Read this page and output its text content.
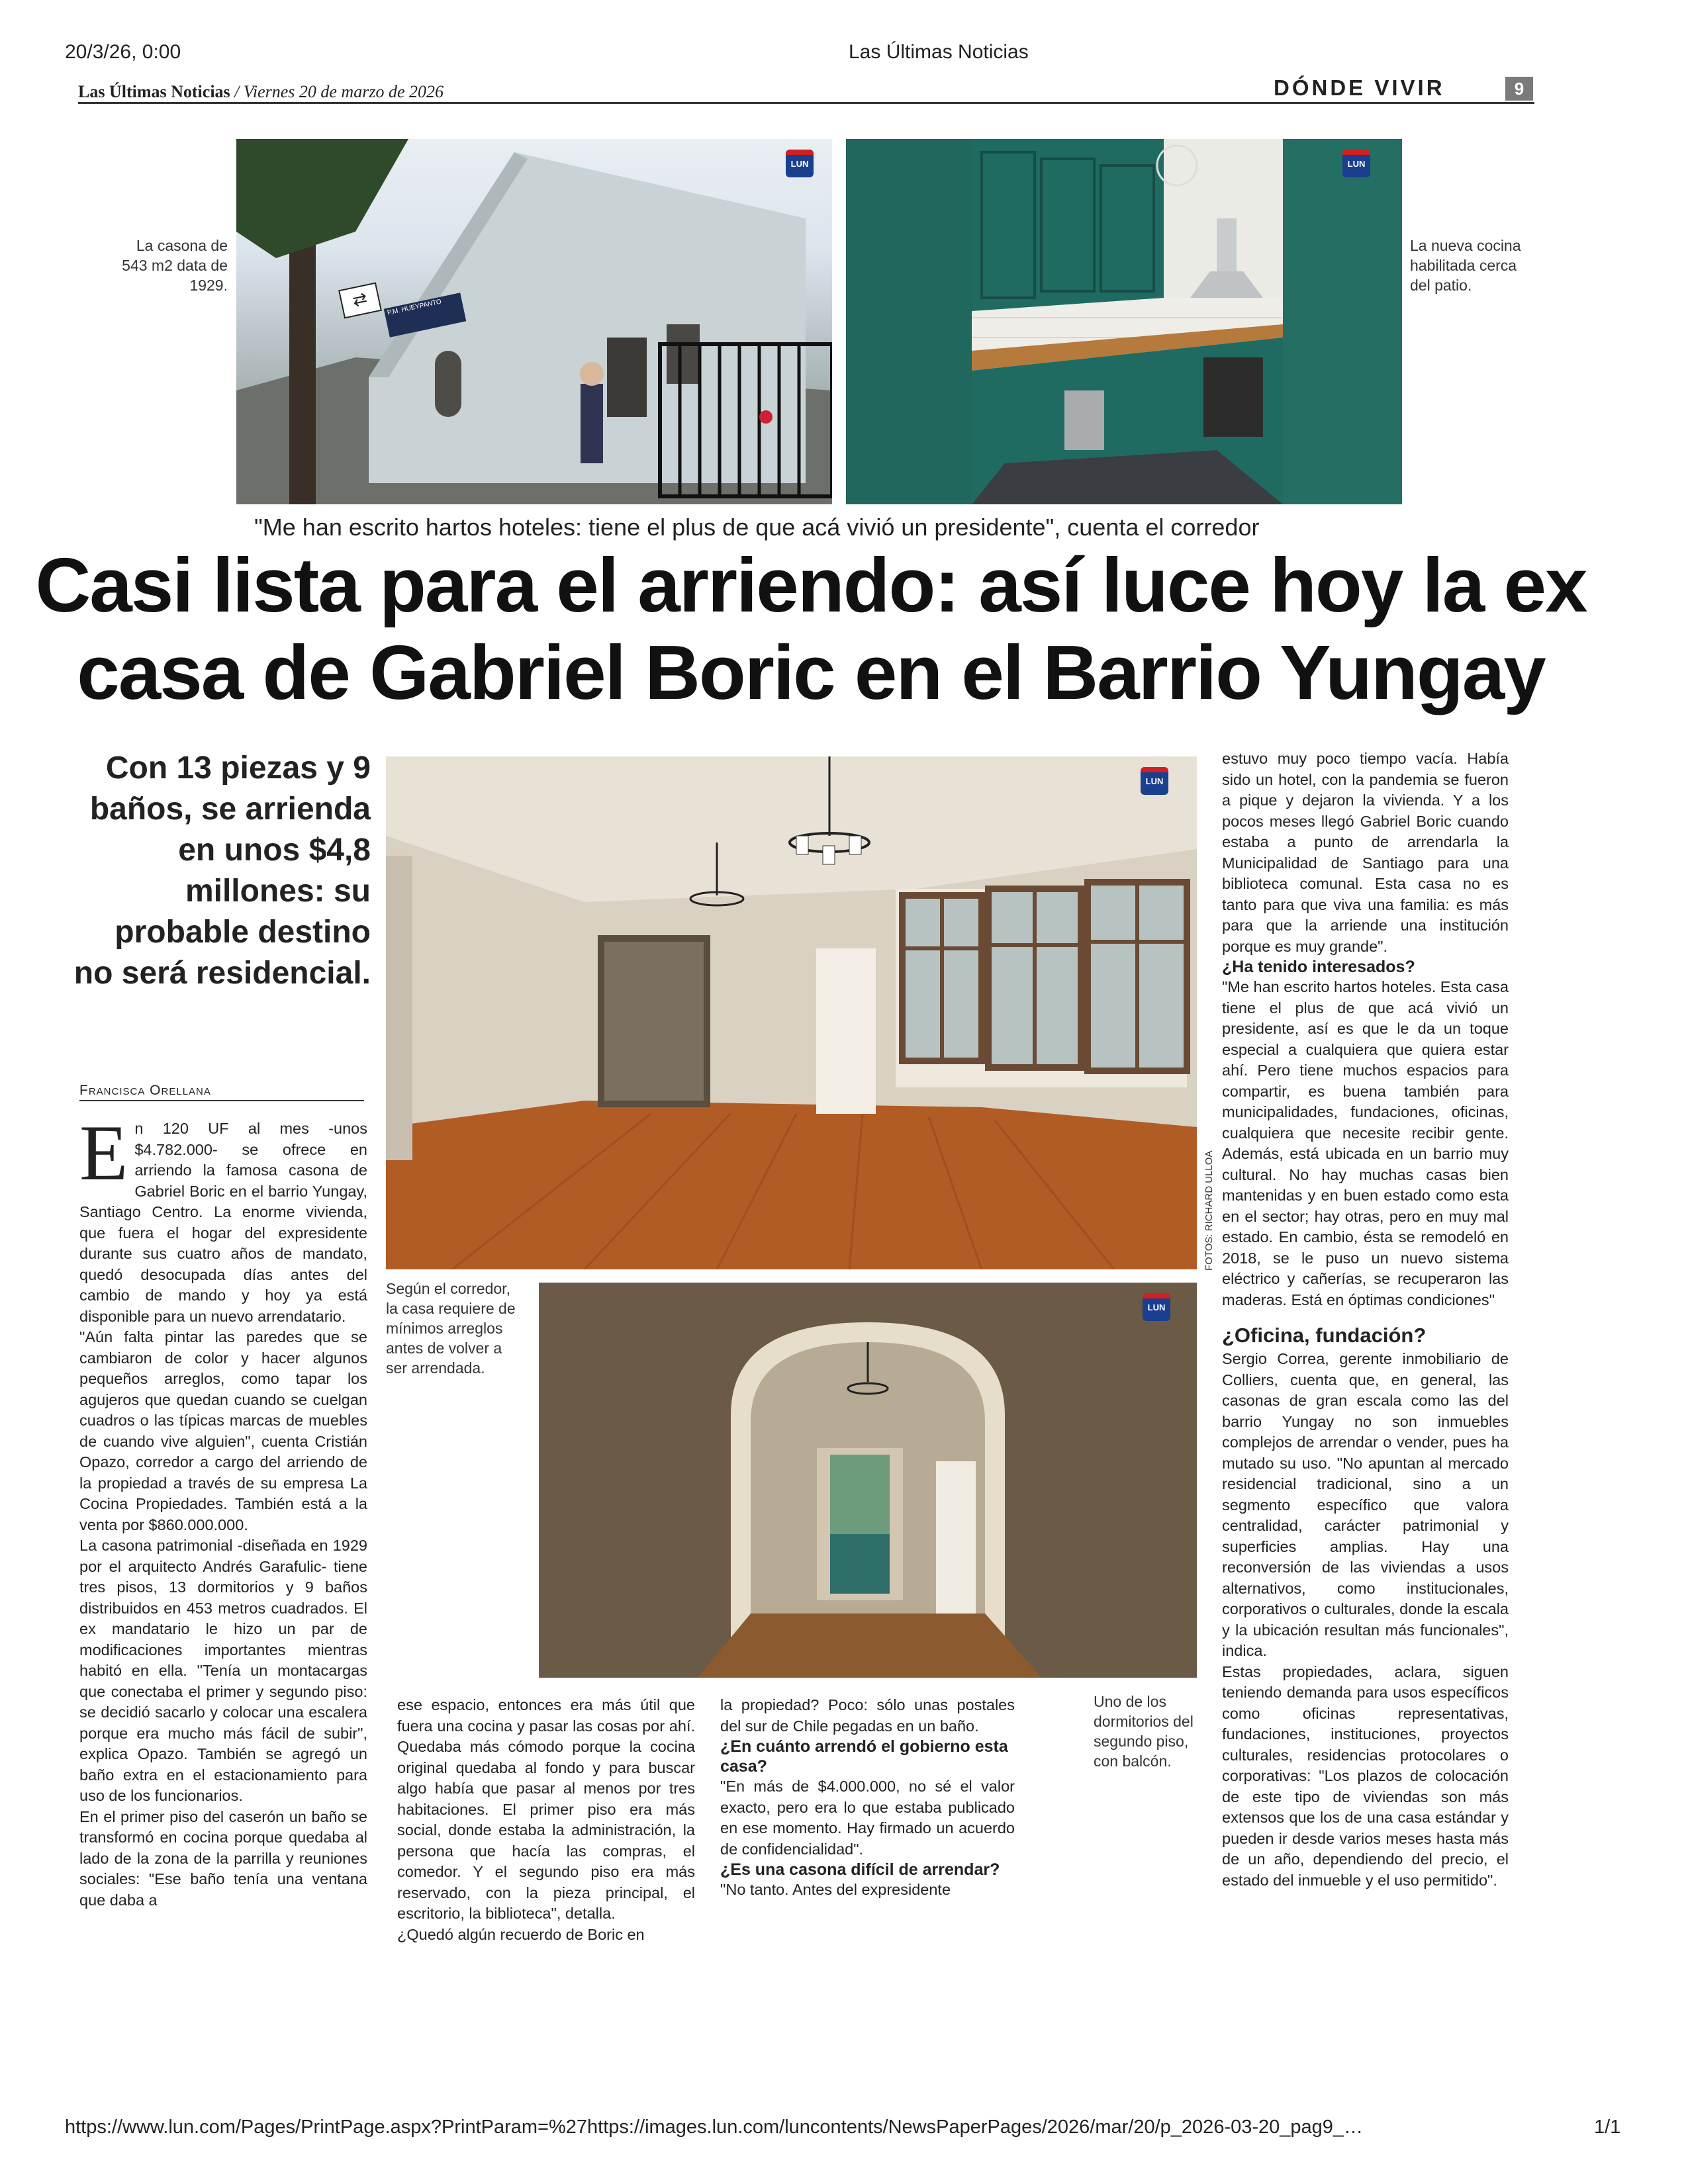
20/3/26, 0:00	Las Últimas Noticias
https://www.lun.com/Pages/PrintPage.aspx?PrintParam=%27https://images.lun.com/luncontents/NewsPaperPages/2026/mar/20/p_2026-03-20_pag9_…	1/1
Las Últimas Noticias / Viernes 20 de marzo de 2026	DÓNDE VIVIR	9
La casona de 543 m2 data de 1929.
⇄	P.M. HUEYPANTO
LUN	LUN
La nueva cocina habilitada cerca del patio.
"Me han escrito hartos hoteles: tiene el plus de que acá vivió un presidente", cuenta el corredor
Casi lista para el arriendo: así luce hoy la ex
casa de Gabriel Boric en el Barrio Yungay
Con 13 piezas y 9 baños, se arrienda en unos $4,8 millones: su probable destino no será residencial.
Francisca Orellana
LUN
FOTOS: RICHARD ULLOA
Según el corredor, la casa requiere de mínimos arreglos antes de volver a ser arrendada.
LUN
Uno de los dormitorios del segundo piso, con balcón.
En 120 UF al mes -unos $4.782.000- se ofrece en arriendo la famosa casona de Gabriel Boric en el barrio Yungay, Santiago Centro. La enorme vivienda, que fuera el hogar del expresidente durante sus cuatro años de mandato, quedó desocupada días antes del cambio de mando y hoy ya está disponible para un nuevo arrendatario.
"Aún falta pintar las paredes que se cambiaron de color y hacer algunos pequeños arreglos, como tapar los agujeros que quedan cuando se cuelgan cuadros o las típicas marcas de muebles de cuando vive alguien", cuenta Cristián Opazo, corredor a cargo del arriendo de la propiedad a través de su empresa La Cocina Propiedades. También está a la venta por $860.000.000.
La casona patrimonial -diseñada en 1929 por el arquitecto Andrés Garafulic- tiene tres pisos, 13 dormitorios y 9 baños distribuidos en 453 metros cuadrados. El ex mandatario le hizo un par de modificaciones importantes mientras habitó en ella. "Tenía un montacargas que conectaba el primer y segundo piso: se decidió sacarlo y colocar una escalera porque era mucho más fácil de subir", explica Opazo. También se agregó un baño extra en el estacionamiento para uso de los funcionarios.
En el primer piso del caserón un baño se transformó en cocina porque quedaba al lado de la zona de la parrilla y reuniones sociales: "Ese baño tenía una ventana que daba a
ese espacio, entonces era más útil que fuera una cocina y pasar las cosas por ahí. Quedaba más cómodo porque la cocina original quedaba al fondo y para buscar algo había que pasar al menos por tres habitaciones. El primer piso era más social, donde estaba la administración, la persona que hacía las compras, el comedor. Y el segundo piso era más reservado, con la pieza principal, el escritorio, la biblioteca", detalla.
¿Quedó algún recuerdo de Boric en
la propiedad? Poco: sólo unas postales del sur de Chile pegadas en un baño.
¿En cuánto arrendó el gobierno esta casa?
"En más de $4.000.000, no sé el valor exacto, pero era lo que estaba publicado en ese momento. Hay firmado un acuerdo de confidencialidad".
¿Es una casona difícil de arrendar?
"No tanto. Antes del expresidente
estuvo muy poco tiempo vacía. Había sido un hotel, con la pandemia se fueron a pique y dejaron la vivienda. Y a los pocos meses llegó Gabriel Boric cuando estaba a punto de arrendarla la Municipalidad de Santiago para una biblioteca comunal. Esta casa no es tanto para que viva una familia: es más para que la arriende una institución porque es muy grande".
¿Ha tenido interesados?
"Me han escrito hartos hoteles. Esta casa tiene el plus de que acá vivió un presidente, así es que le da un toque especial a cualquiera que quiera estar ahí. Pero tiene muchos espacios para compartir, es buena también para municipalidades, fundaciones, oficinas, cualquiera que necesite recibir gente. Además, está ubicada en un barrio muy cultural. No hay muchas casas bien mantenidas y en buen estado como esta en el sector; hay otras, pero en muy mal estado. En cambio, ésta se remodeló en 2018, se le puso un nuevo sistema eléctrico y cañerías, se recuperaron las maderas. Está en óptimas condiciones"
¿Oficina, fundación?
Sergio Correa, gerente inmobiliario de Colliers, cuenta que, en general, las casonas de gran escala como las del barrio Yungay no son inmuebles complejos de arrendar o vender, pues ha mutado su uso. "No apuntan al mercado residencial tradicional, sino a un segmento específico que valora centralidad, carácter patrimonial y superficies amplias. Hay una reconversión de las viviendas a usos alternativos, como institucionales, corporativos o culturales, donde la escala y la ubicación resultan más funcionales", indica.
Estas propiedades, aclara, siguen teniendo demanda para usos específicos como oficinas representativas, fundaciones, instituciones, proyectos culturales, residencias protocolares o corporativas: "Los plazos de colocación de este tipo de viviendas son más extensos que los de una casa estándar y pueden ir desde varios meses hasta más de un año, dependiendo del precio, el estado del inmueble y el uso permitido".
